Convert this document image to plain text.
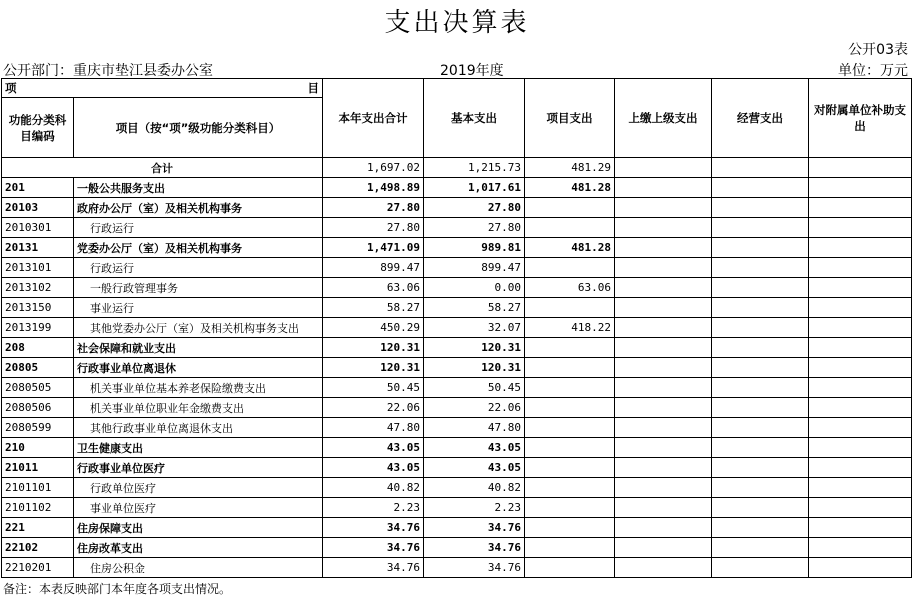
支出决算表
公开03表
公开部门：重庆市垫江县委办公室	2019年度	单位：万元
项 目		本年支出合计	基本支出	项目支出	上缴上级支出	经营支出	对附属单位补助支出
功能分类科目编码	项目（按“项”级功能分类科目）						
合计		1,697.02	1,215.73	481.29			
201	一般公共服务支出	1,498.89	1,017.61	481.28			
20103	政府办公厅（室）及相关机构事务	27.80	27.80				
2010301	行政运行	27.80	27.80				
20131	党委办公厅（室）及相关机构事务	1,471.09	989.81	481.28			
2013101	行政运行	899.47	899.47				
2013102	一般行政管理事务	63.06	0.00	63.06			
2013150	事业运行	58.27	58.27				
2013199	其他党委办公厅（室）及相关机构事务支出	450.29	32.07	418.22			
208	社会保障和就业支出	120.31	120.31				
20805	行政事业单位离退休	120.31	120.31				
2080505	机关事业单位基本养老保险缴费支出	50.45	50.45				
2080506	机关事业单位职业年金缴费支出	22.06	22.06				
2080599	其他行政事业单位离退休支出	47.80	47.80				
210	卫生健康支出	43.05	43.05				
21011	行政事业单位医疗	43.05	43.05				
2101101	行政单位医疗	40.82	40.82				
2101102	事业单位医疗	2.23	2.23				
221	住房保障支出	34.76	34.76				
22102	住房改革支出	34.76	34.76				
2210201	住房公积金	34.76	34.76				
备注：本表反映部门本年度各项支出情况。
